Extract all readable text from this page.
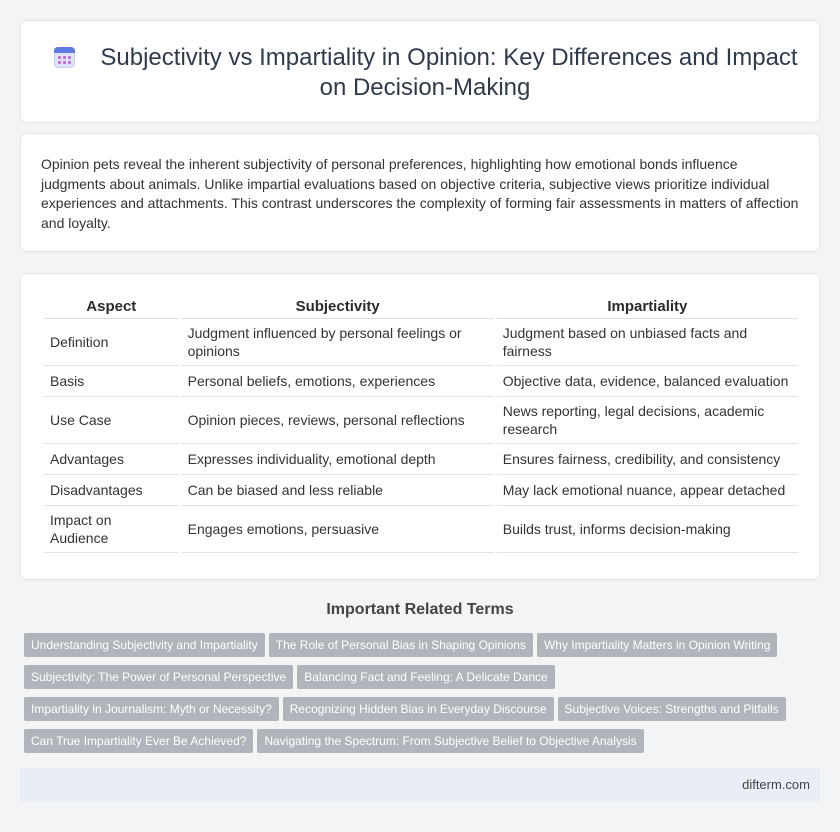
Subjectivity vs Impartiality in Opinion: Key Differences and Impact on Decision-Making

Opinion pets reveal the inherent subjectivity of personal preferences, highlighting how emotional bonds influence judgments about animals. Unlike impartial evaluations based on objective criteria, subjective views prioritize individual experiences and attachments. This contrast underscores the complexity of forming fair assessments in matters of affection and loyalty.

Aspect	Subjectivity	Impartiality
Definition	Judgment influenced by personal feelings or opinions	Judgment based on unbiased facts and fairness
Basis	Personal beliefs, emotions, experiences	Objective data, evidence, balanced evaluation
Use Case	Opinion pieces, reviews, personal reflections	News reporting, legal decisions, academic research
Advantages	Expresses individuality, emotional depth	Ensures fairness, credibility, and consistency
Disadvantages	Can be biased and less reliable	May lack emotional nuance, appear detached
Impact on Audience	Engages emotions, persuasive	Builds trust, informs decision-making
Important Related Terms
Understanding Subjectivity and Impartiality The Role of Personal Bias in Shaping Opinions Why Impartiality Matters in Opinion Writing
Subjectivity: The Power of Personal Perspective Balancing Fact and Feeling: A Delicate Dance
Impartiality in Journalism: Myth or Necessity? Recognizing Hidden Bias in Everyday Discourse Subjective Voices: Strengths and Pitfalls
Can True Impartiality Ever Be Achieved? Navigating the Spectrum: From Subjective Belief to Objective Analysis
difterm.com
